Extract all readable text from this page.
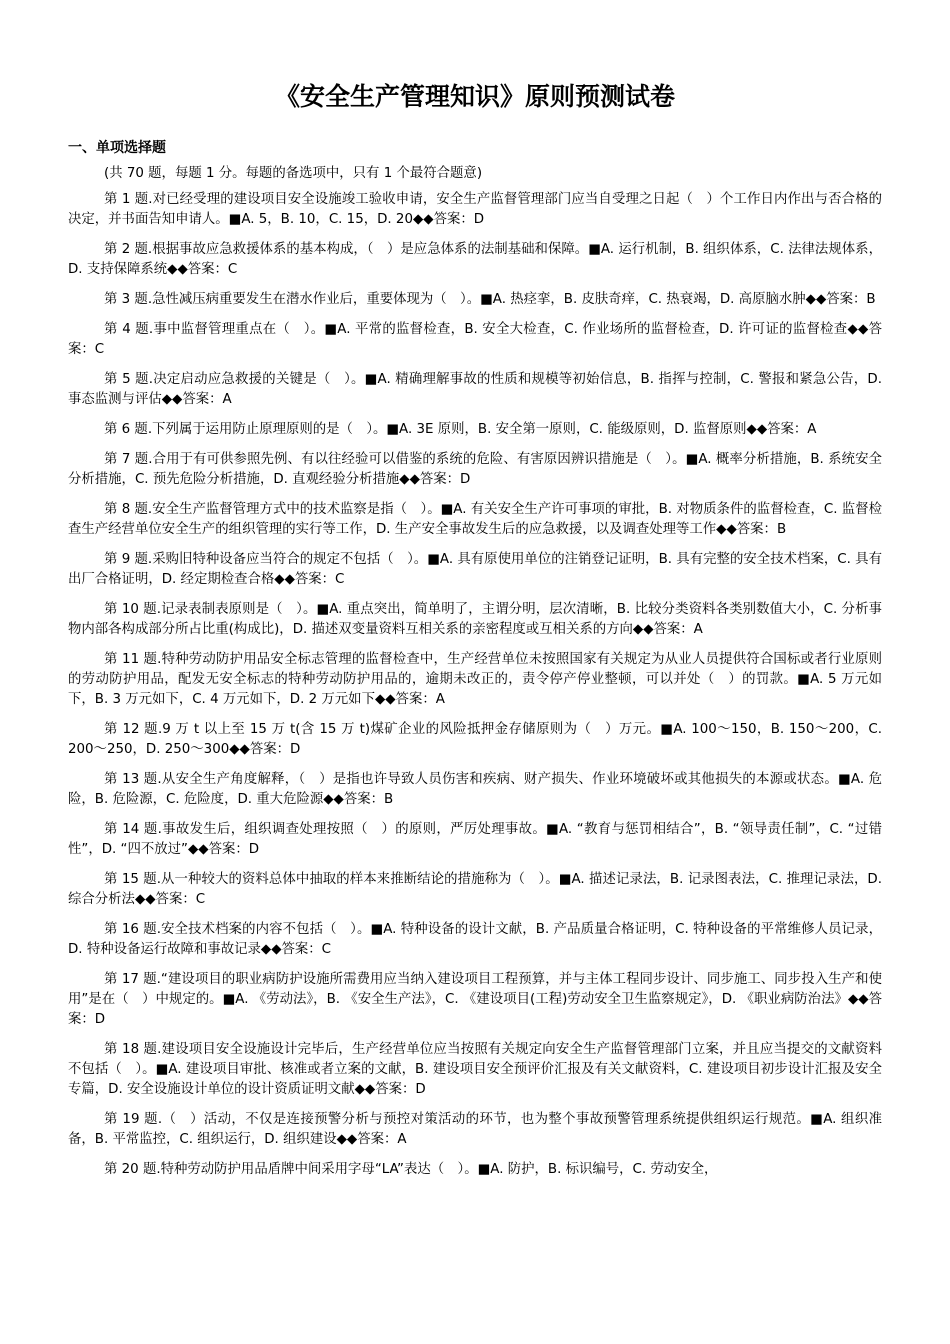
《安全生产管理知识》原则预测试卷
一、单项选择题

(共 70 题，每题 1 分。每题的备选项中，只有 1 个最符合题意)

第 1 题.对已经受理的建设项目安全设施竣工验收申请，安全生产监督管理部门应当自受理之日起（　）个工作日内作出与否合格的决定，并书面告知申请人。■A. 5，B. 10，C. 15，D. 20◆◆答案：D

第 2 题.根据事故应急救援体系的基本构成，（　）是应急体系的法制基础和保障。■A. 运行机制，B. 组织体系，C. 法律法规体系，D. 支持保障系统◆◆答案：C

第 3 题.急性减压病重要发生在潜水作业后，重要体现为（　）。■A. 热痉挛，B. 皮肤奇痒，C. 热衰竭，D. 高原脑水肿◆◆答案：B

第 4 题.事中监督管理重点在（　）。■A. 平常的监督检查，B. 安全大检查，C. 作业场所的监督检查，D. 许可证的监督检查◆◆答案：C

第 5 题.决定启动应急救援的关键是（　）。■A. 精确理解事故的性质和规模等初始信息，B. 指挥与控制，C. 警报和紧急公告，D. 事态监测与评估◆◆答案：A

第 6 题.下列属于运用防止原理原则的是（　）。■A. 3E 原则，B. 安全第一原则，C. 能级原则，D. 监督原则◆◆答案：A

第 7 题.合用于有可供参照先例、有以往经验可以借鉴的系统的危险、有害原因辨识措施是（　）。■A. 概率分析措施，B. 系统安全分析措施，C. 预先危险分析措施，D. 直观经验分析措施◆◆答案：D

第 8 题.安全生产监督管理方式中的技术监察是指（　）。■A. 有关安全生产许可事项的审批，B. 对物质条件的监督检查，C. 监督检查生产经营单位安全生产的组织管理的实行等工作，D. 生产安全事故发生后的应急救援，以及调查处理等工作◆◆答案：B

第 9 题.采购旧特种设备应当符合的规定不包括（　）。■A. 具有原使用单位的注销登记证明，B. 具有完整的安全技术档案，C. 具有出厂合格证明，D. 经定期检查合格◆◆答案：C

第 10 题.记录表制表原则是（　）。■A. 重点突出，简单明了，主谓分明，层次清晰，B. 比较分类资料各类别数值大小，C. 分析事物内部各构成部分所占比重(构成比)，D. 描述双变量资料互相关系的亲密程度或互相关系的方向◆◆答案：A

第 11 题.特种劳动防护用品安全标志管理的监督检查中，生产经营单位未按照国家有关规定为从业人员提供符合国标或者行业原则的劳动防护用品，配发无安全标志的特种劳动防护用品的，逾期未改正的，责令停产停业整顿，可以并处（　）的罚款。■A. 5 万元如下，B. 3 万元如下，C. 4 万元如下，D. 2 万元如下◆◆答案：A

第 12 题.9 万 t 以上至 15 万 t(含 15 万 t)煤矿企业的风险抵押金存储原则为（　）万元。■A. 100～150，B. 150～200，C. 200～250，D. 250～300◆◆答案：D

第 13 题.从安全生产角度解释，（　）是指也许导致人员伤害和疾病、财产损失、作业环境破坏或其他损失的本源或状态。■A. 危险，B. 危险源，C. 危险度，D. 重大危险源◆◆答案：B

第 14 题.事故发生后，组织调查处理按照（　）的原则，严厉处理事故。■A. “教育与惩罚相结合”，B. “领导责任制”，C. “过错性”，D. “四不放过”◆◆答案：D

第 15 题.从一种较大的资料总体中抽取的样本来推断结论的措施称为（　）。■A. 描述记录法，B. 记录图表法，C. 推理记录法，D. 综合分析法◆◆答案：C

第 16 题.安全技术档案的内容不包括（　）。■A. 特种设备的设计文献，B. 产品质量合格证明，C. 特种设备的平常维修人员记录，D. 特种设备运行故障和事故记录◆◆答案：C

第 17 题.“建设项目的职业病防护设施所需费用应当纳入建设项目工程预算，并与主体工程同步设计、同步施工、同步投入生产和使用”是在（　）中规定的。■A. 《劳动法》，B. 《安全生产法》，C. 《建设项目(工程)劳动安全卫生监察规定》，D. 《职业病防治法》◆◆答案：D

第 18 题.建设项目安全设施设计完毕后，生产经营单位应当按照有关规定向安全生产监督管理部门立案，并且应当提交的文献资料不包括（　）。■A. 建设项目审批、核准或者立案的文献，B. 建设项目安全预评价汇报及有关文献资料，C. 建设项目初步设计汇报及安全专篇，D. 安全设施设计单位的设计资质证明文献◆◆答案：D

第 19 题.（　）活动，不仅是连接预警分析与预控对策活动的环节，也为整个事故预警管理系统提供组织运行规范。■A. 组织准备，B. 平常监控，C. 组织运行，D. 组织建设◆◆答案：A

第 20 题.特种劳动防护用品盾牌中间采用字母“LA”表达（　）。■A. 防护，B. 标识编号，C. 劳动安全，
